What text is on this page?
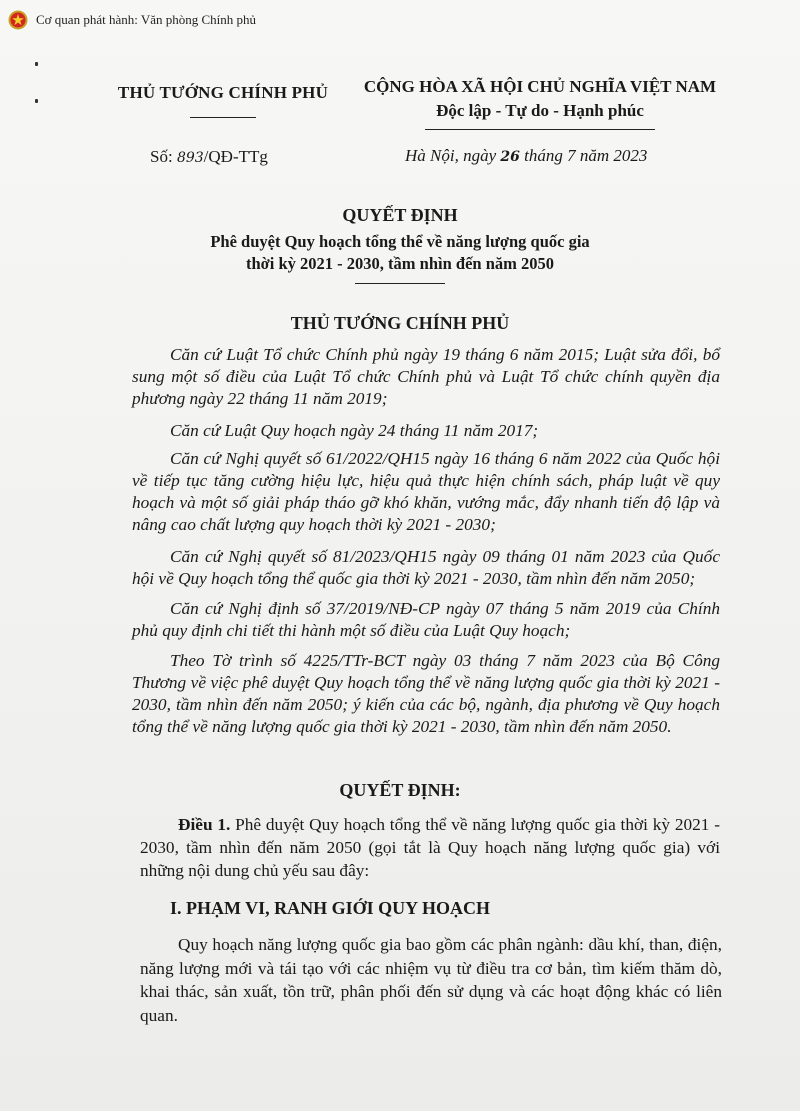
Cơ quan phát hành: Văn phòng Chính phủ
THỦ TƯỚNG CHÍNH PHỦ	CỘNG HÒA XÃ HỘI CHỦ NGHĨA VIỆT NAM
Độc lập - Tự do - Hạnh phúc
Số: 893/QĐ-TTg	Hà Nội, ngày 26 tháng 7 năm 2023
QUYẾT ĐỊNH
Phê duyệt Quy hoạch tổng thể về năng lượng quốc gia
thời kỳ 2021 - 2030, tầm nhìn đến năm 2050
THỦ TƯỚNG CHÍNH PHỦ

Căn cứ Luật Tổ chức Chính phủ ngày 19 tháng 6 năm 2015; Luật sửa đổi, bổ sung một số điều của Luật Tổ chức Chính phủ và Luật Tổ chức chính quyền địa phương ngày 22 tháng 11 năm 2019;

Căn cứ Luật Quy hoạch ngày 24 tháng 11 năm 2017;

Căn cứ Nghị quyết số 61/2022/QH15 ngày 16 tháng 6 năm 2022 của Quốc hội về tiếp tục tăng cường hiệu lực, hiệu quả thực hiện chính sách, pháp luật về quy hoạch và một số giải pháp tháo gỡ khó khăn, vướng mắc, đẩy nhanh tiến độ lập và nâng cao chất lượng quy hoạch thời kỳ 2021 - 2030;

Căn cứ Nghị quyết số 81/2023/QH15 ngày 09 tháng 01 năm 2023 của Quốc hội về Quy hoạch tổng thể quốc gia thời kỳ 2021 - 2030, tầm nhìn đến năm 2050;

Căn cứ Nghị định số 37/2019/NĐ-CP ngày 07 tháng 5 năm 2019 của Chính phủ quy định chi tiết thi hành một số điều của Luật Quy hoạch;

Theo Tờ trình số 4225/TTr-BCT ngày 03 tháng 7 năm 2023 của Bộ Công Thương về việc phê duyệt Quy hoạch tổng thể về năng lượng quốc gia thời kỳ 2021 - 2030, tầm nhìn đến năm 2050; ý kiến của các bộ, ngành, địa phương về Quy hoạch tổng thể về năng lượng quốc gia thời kỳ 2021 - 2030, tầm nhìn đến năm 2050.

QUYẾT ĐỊNH:

Điều 1. Phê duyệt Quy hoạch tổng thể về năng lượng quốc gia thời kỳ 2021 - 2030, tầm nhìn đến năm 2050 (gọi tắt là Quy hoạch năng lượng quốc gia) với những nội dung chủ yếu sau đây:

I. PHẠM VI, RANH GIỚI QUY HOẠCH

Quy hoạch năng lượng quốc gia bao gồm các phân ngành: dầu khí, than, điện, năng lượng mới và tái tạo với các nhiệm vụ từ điều tra cơ bản, tìm kiếm thăm dò, khai thác, sản xuất, tồn trữ, phân phối đến sử dụng và các hoạt động khác có liên quan.
